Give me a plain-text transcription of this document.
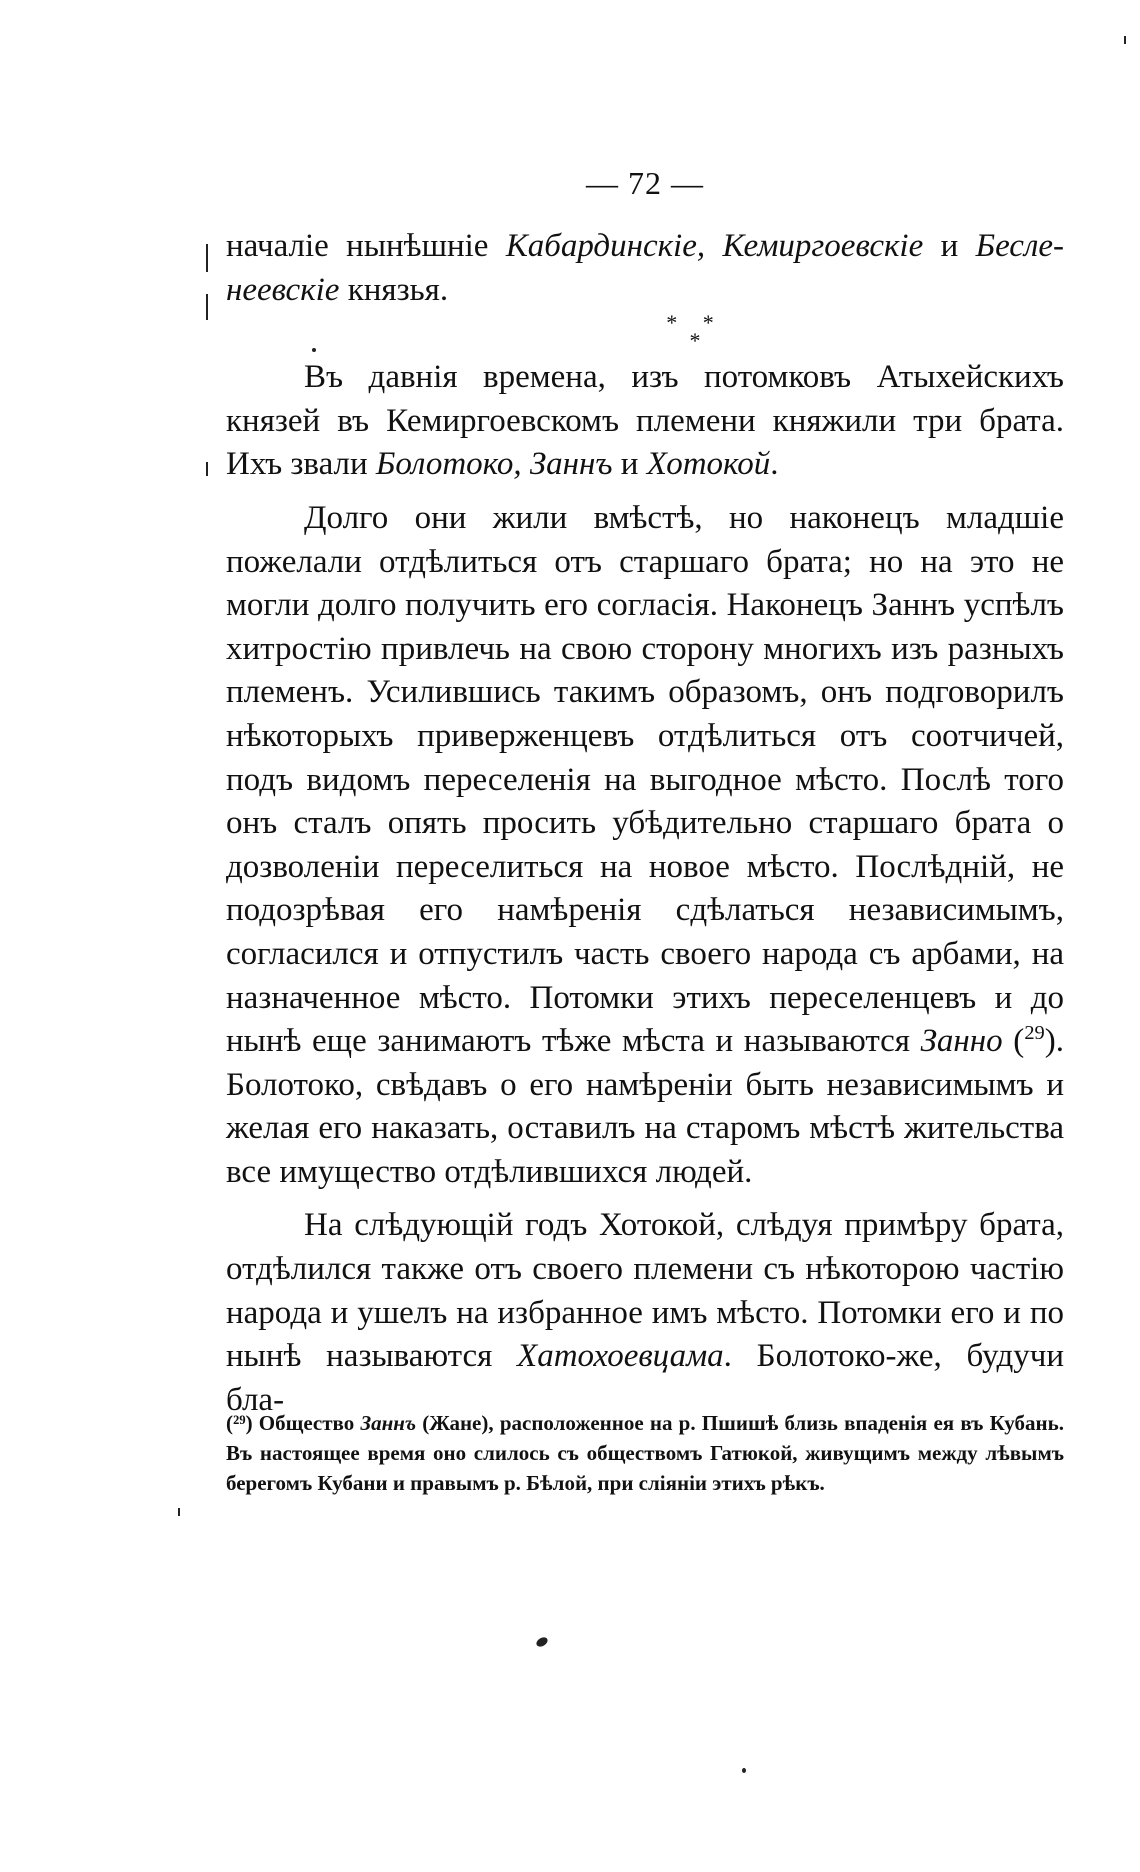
— 72 —

началіе нынѣшніе Кабардинскіе, Кемиргоевскіе и Беслe-неевскіе князья.

* *
*

Въ давнія времена, изъ потомковъ Атыхейскихъ князей въ Кемиргоевскомъ племени княжили три брата. Ихъ звали Болотоко, Заннъ и Хотокой.

Долго они жили вмѣстѣ, но наконецъ младшіе пожелали отдѣлиться отъ старшаго брата; но на это не могли долго получить его согласія. Наконецъ Заннъ успѣлъ хитростію привлечь на свою сторону многихъ изъ разныхъ племенъ. Усилившись такимъ образомъ, онъ подговорилъ нѣкоторыхъ приверженцевъ отдѣлиться отъ соотчичей, подъ видомъ переселенія на выгодное мѣсто. Послѣ того онъ сталъ опять просить убѣдительно старшаго брата о дозволеніи переселиться на новое мѣсто. Послѣдній, не подозрѣвая его намѣренія сдѣлаться независимымъ, согласился и отпустилъ часть своего народа съ арбами, на назначенное мѣсто. Потомки этихъ переселенцевъ и до нынѣ еще занимаютъ тѣже мѣста и называются Занно ($^{29}$). Болотоко, свѣдавъ о его намѣреніи быть независимымъ и желая его наказать, оставилъ на старомъ мѣстѣ жительства все имущество отдѣлившихся людей.

На слѣдующій годъ Хотокой, слѣдуя примѣру брата, отдѣлился также отъ своего племени съ нѣкоторою частію народа и ушелъ на избранное имъ мѣсто. Потомки его и по нынѣ называются Хатохоевцама. Болотоко-же, будучи бла-

(²⁹) Общество Заннъ (Жане), расположенное на р. Пшишѣ близь впаденія ея въ Кубань. Въ настоящее время оно слилось съ обществомъ Гатюкой, живущимъ между лѣвымъ берегомъ Кубани и правымъ р. Бѣлой, при сліяніи этихъ рѣкъ.
